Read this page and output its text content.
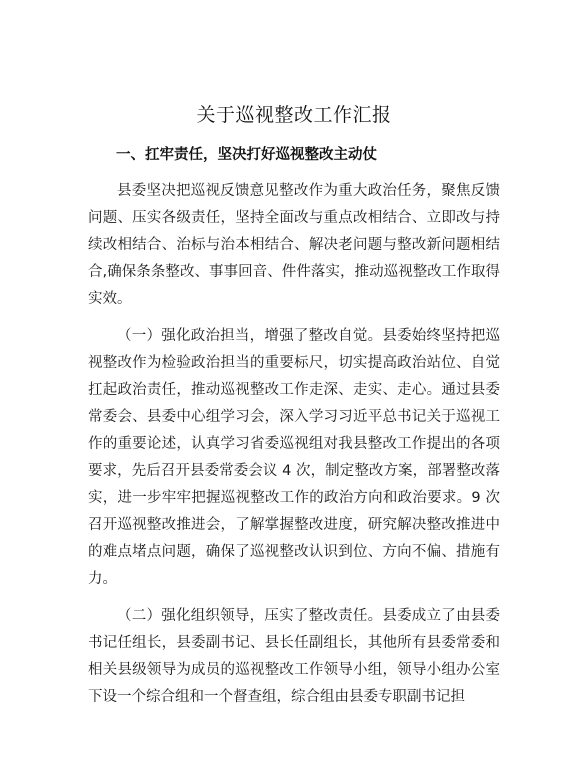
关于巡视整改工作汇报
一、扛牢责任，坚决打好巡视整改主动仗

县委坚决把巡视反馈意见整改作为重大政治任务，聚焦反馈问题、压实各级责任，坚持全面改与重点改相结合、立即改与持续改相结合、治标与治本相结合、解决老问题与整改新问题相结合,确保条条整改、事事回音、件件落实，推动巡视整改工作取得实效。

（一）强化政治担当，增强了整改自觉。县委始终坚持把巡视整改作为检验政治担当的重要标尺，切实提高政治站位、自觉扛起政治责任，推动巡视整改工作走深、走实、走心。通过县委常委会、县委中心组学习会，深入学习习近平总书记关于巡视工作的重要论述，认真学习省委巡视组对我县整改工作提出的各项要求，先后召开县委常委会议 4 次，制定整改方案，部署整改落实，进一步牢牢把握巡视整改工作的政治方向和政治要求。9 次召开巡视整改推进会，了解掌握整改进度，研究解决整改推进中的难点堵点问题，确保了巡视整改认识到位、方向不偏、措施有力。

（二）强化组织领导，压实了整改责任。县委成立了由县委书记任组长，县委副书记、县长任副组长，其他所有县委常委和相关县级领导为成员的巡视整改工作领导小组，领导小组办公室下设一个综合组和一个督查组，综合组由县委专职副书记担
